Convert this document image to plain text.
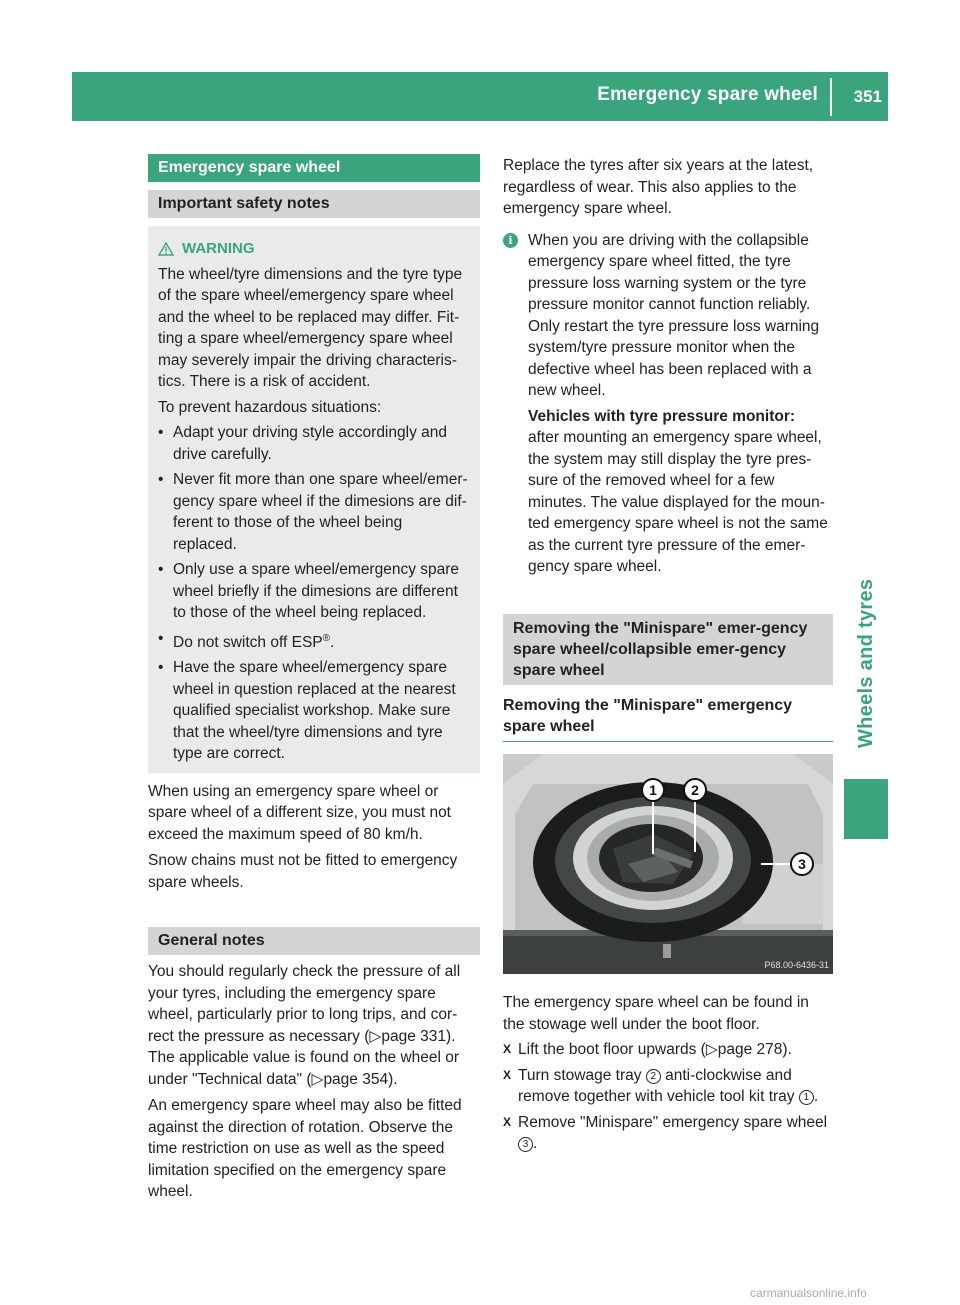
Emergency spare wheel 351
Wheels and tyres
Emergency spare wheel
Important safety notes
WARNING

The wheel/tyre dimensions and the tyre type of the spare wheel/emergency spare wheel and the wheel to be replaced may differ. Fit-ting a spare wheel/emergency spare wheel may severely impair the driving characteris-tics. There is a risk of accident.

To prevent hazardous situations:

• Adapt your driving style accordingly and drive carefully.
• Never fit more than one spare wheel/emer-gency spare wheel if the dimesions are dif-ferent to those of the wheel being replaced.
• Only use a spare wheel/emergency spare wheel briefly if the dimesions are different to those of the wheel being replaced.
• Do not switch off ESP®.
• Have the spare wheel/emergency spare wheel in question replaced at the nearest qualified specialist workshop. Make sure that the wheel/tyre dimensions and tyre type are correct.

When using an emergency spare wheel or spare wheel of a different size, you must not exceed the maximum speed of 80 km/h.

Snow chains must not be fitted to emergency spare wheels.

General notes

You should regularly check the pressure of all your tyres, including the emergency spare wheel, particularly prior to long trips, and cor-rect the pressure as necessary (▷page 331). The applicable value is found on the wheel or under "Technical data" (▷page 354).

An emergency spare wheel may also be fitted against the direction of rotation. Observe the time restriction on use as well as the speed limitation specified on the emergency spare wheel.

Replace the tyres after six years at the latest, regardless of wear. This also applies to the emergency spare wheel.

i When you are driving with the collapsible emergency spare wheel fitted, the tyre pressure loss warning system or the tyre pressure monitor cannot function reliably. Only restart the tyre pressure loss warning system/tyre pressure monitor when the defective wheel has been replaced with a new wheel.

Vehicles with tyre pressure monitor:

after mounting an emergency spare wheel, the system may still display the tyre pres-sure of the removed wheel for a few minutes. The value displayed for the moun-ted emergency spare wheel is not the same as the current tyre pressure of the emer-gency spare wheel.

Removing the "Minispare" emer-gency spare wheel/collapsible emer-gency spare wheel
Removing the "Minispare" emergency spare wheel
1 2
3
P68.00-6436-31

The emergency spare wheel can be found in the stowage well under the boot floor.

X Lift the boot floor upwards (▷page 278).
X Turn stowage tray 2 anti-clockwise and remove together with vehicle tool kit tray 1 .
X Remove "Minispare" emergency spare wheel 3 .
carmanualsonline.info
